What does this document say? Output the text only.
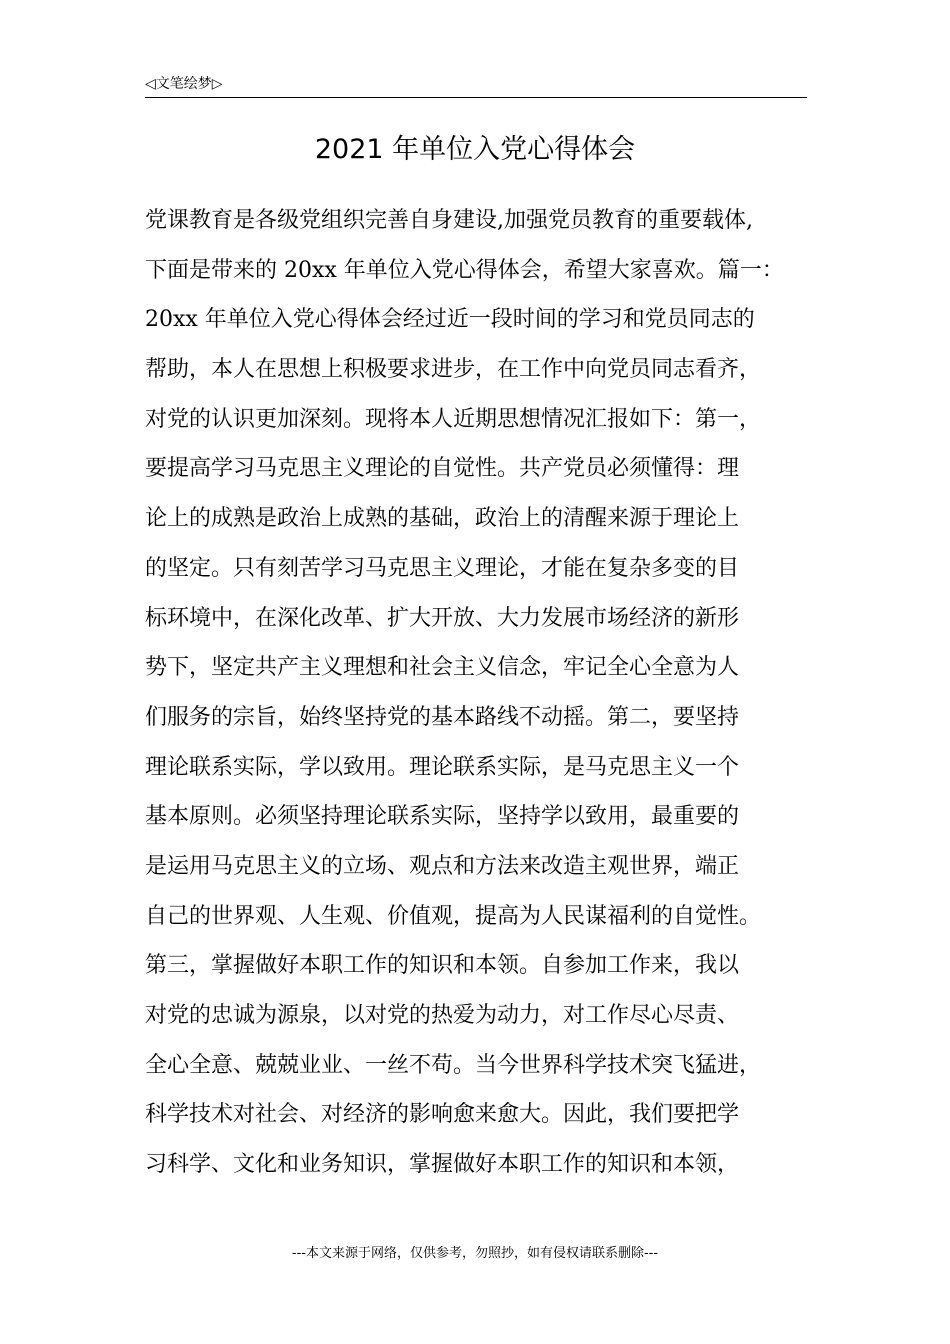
◁文笔绘梦▷
2021 年单位入党心得体会
党课教育是各级党组织完善自身建设,加强党员教育的重要载体,
下面是带来的 20xx 年单位入党心得体会，希望大家喜欢。篇一：
20xx 年单位入党心得体会经过近一段时间的学习和党员同志的
帮助，本人在思想上积极要求进步，在工作中向党员同志看齐，
对党的认识更加深刻。现将本人近期思想情况汇报如下：第一，
要提高学习马克思主义理论的自觉性。共产党员必须懂得：理
论上的成熟是政治上成熟的基础，政治上的清醒来源于理论上
的坚定。只有刻苦学习马克思主义理论，才能在复杂多变的目
标环境中，在深化改革、扩大开放、大力发展市场经济的新形
势下，坚定共产主义理想和社会主义信念，牢记全心全意为人
们服务的宗旨，始终坚持党的基本路线不动摇。第二，要坚持
理论联系实际，学以致用。理论联系实际，是马克思主义一个
基本原则。必须坚持理论联系实际，坚持学以致用，最重要的
是运用马克思主义的立场、观点和方法来改造主观世界，端正
自己的世界观、人生观、价值观，提高为人民谋福利的自觉性。
第三，掌握做好本职工作的知识和本领。自参加工作来，我以
对党的忠诚为源泉，以对党的热爱为动力，对工作尽心尽责、
全心全意、兢兢业业、一丝不苟。当今世界科学技术突飞猛进，
科学技术对社会、对经济的影响愈来愈大。因此，我们要把学
习科学、文化和业务知识，掌握做好本职工作的知识和本领，
---本文来源于网络，仅供参考，勿照抄，如有侵权请联系删除---
